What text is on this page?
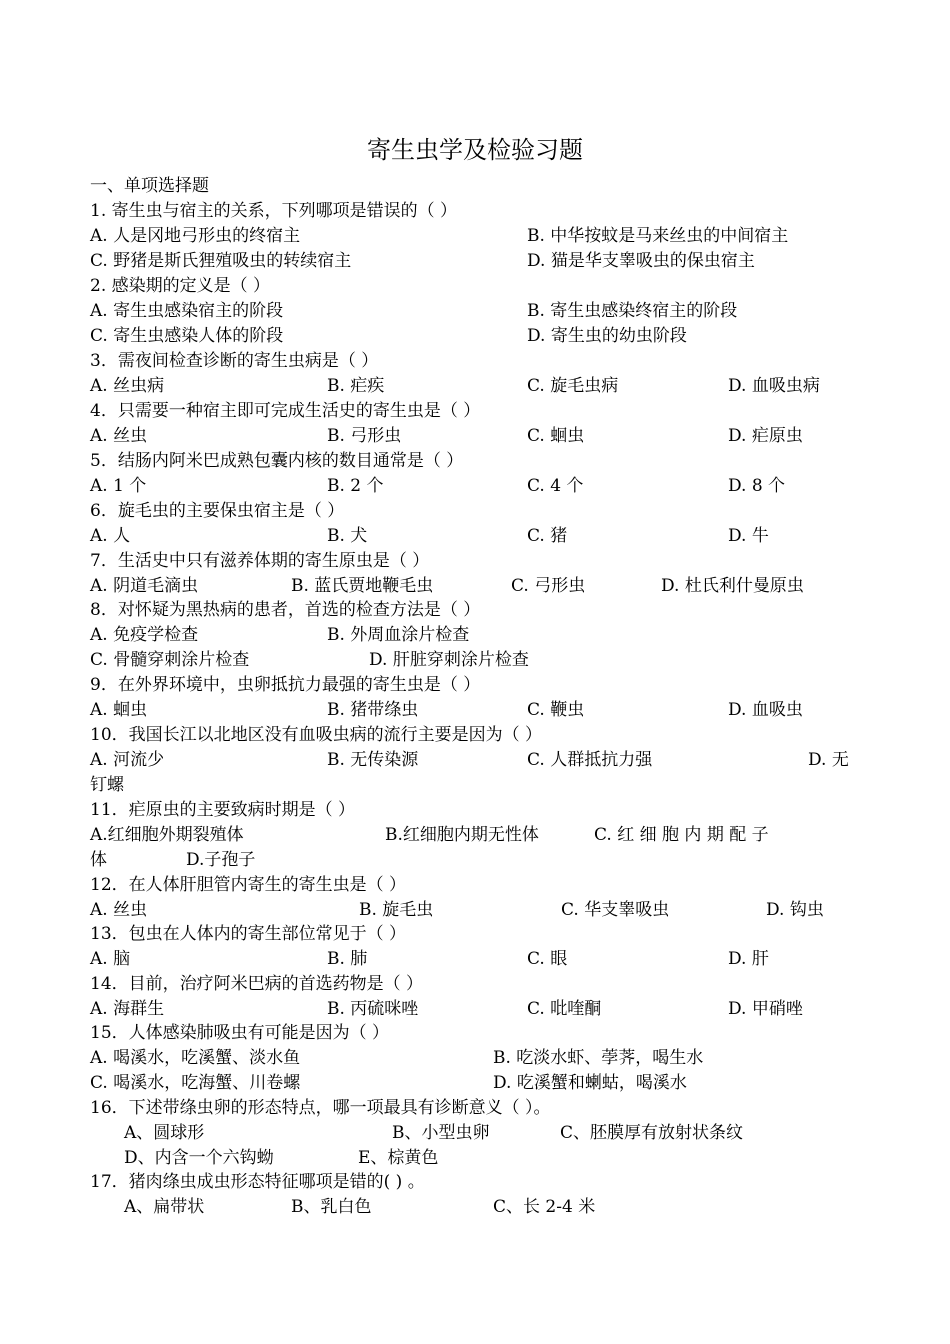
寄生虫学及检验习题
一、单项选择题
1. 寄生虫与宿主的关系，下列哪项是错误的（ ）
A. 人是冈地弓形虫的终宿主	B. 中华按蚊是马来丝虫的中间宿主
C. 野猪是斯氏狸殖吸虫的转续宿主	D. 猫是华支睾吸虫的保虫宿主
2. 感染期的定义是（ ）
A. 寄生虫感染宿主的阶段	B. 寄生虫感染终宿主的阶段
C. 寄生虫感染人体的阶段	D. 寄生虫的幼虫阶段
3．需夜间检查诊断的寄生虫病是（ ）
A. 丝虫病	B. 疟疾	C. 旋毛虫病	D. 血吸虫病
4．只需要一种宿主即可完成生活史的寄生虫是（ ）
A. 丝虫	B. 弓形虫	C. 蛔虫	D. 疟原虫
5．结肠内阿米巴成熟包囊内核的数目通常是（ ）
A. 1 个	B. 2 个	C. 4 个	D. 8 个
6．旋毛虫的主要保虫宿主是（ ）
A. 人	B. 犬	C. 猪	D. 牛
7．生活史中只有滋养体期的寄生原虫是（ ）
A. 阴道毛滴虫	B. 蓝氏贾地鞭毛虫	C. 弓形虫	D. 杜氏利什曼原虫
8．对怀疑为黑热病的患者，首选的检查方法是（ ）
A. 免疫学检查	B. 外周血涂片检查
C. 骨髓穿刺涂片检查	D. 肝脏穿刺涂片检查
9．在外界环境中，虫卵抵抗力最强的寄生虫是（ ）
A. 蛔虫	B. 猪带绦虫	C. 鞭虫	D. 血吸虫
10．我国长江以北地区没有血吸虫病的流行主要是因为（ ）
A. 河流少	B. 无传染源	C. 人群抵抗力强	D. 无
钉螺
11．疟原虫的主要致病时期是（ ）
A.红细胞外期裂殖体	B.红细胞内期无性体	C. 红 细 胞 内 期 配 子
体	D.子孢子
12．在人体肝胆管内寄生的寄生虫是（ ）
A. 丝虫	B. 旋毛虫	C. 华支睾吸虫	D. 钩虫
13．包虫在人体内的寄生部位常见于（ ）
A. 脑	B. 肺	C. 眼	D. 肝
14．目前，治疗阿米巴病的首选药物是（ ）
A. 海群生	B. 丙硫咪唑	C. 吡喹酮	D. 甲硝唑
15．人体感染肺吸虫有可能是因为（ ）
A. 喝溪水，吃溪蟹、淡水鱼	B. 吃淡水虾、荸荠，喝生水
C. 喝溪水，吃海蟹、川卷螺	D. 吃溪蟹和蝲蛄，喝溪水
16．下述带绦虫卵的形态特点，哪一项最具有诊断意义（ ）。
A、圆球形	B、小型虫卵	C、胚膜厚有放射状条纹
D、内含一个六钩蚴	E、棕黄色
17．猪肉绦虫成虫形态特征哪项是错的( ) 。
A、扁带状	B、乳白色	C、长 2-4 米
